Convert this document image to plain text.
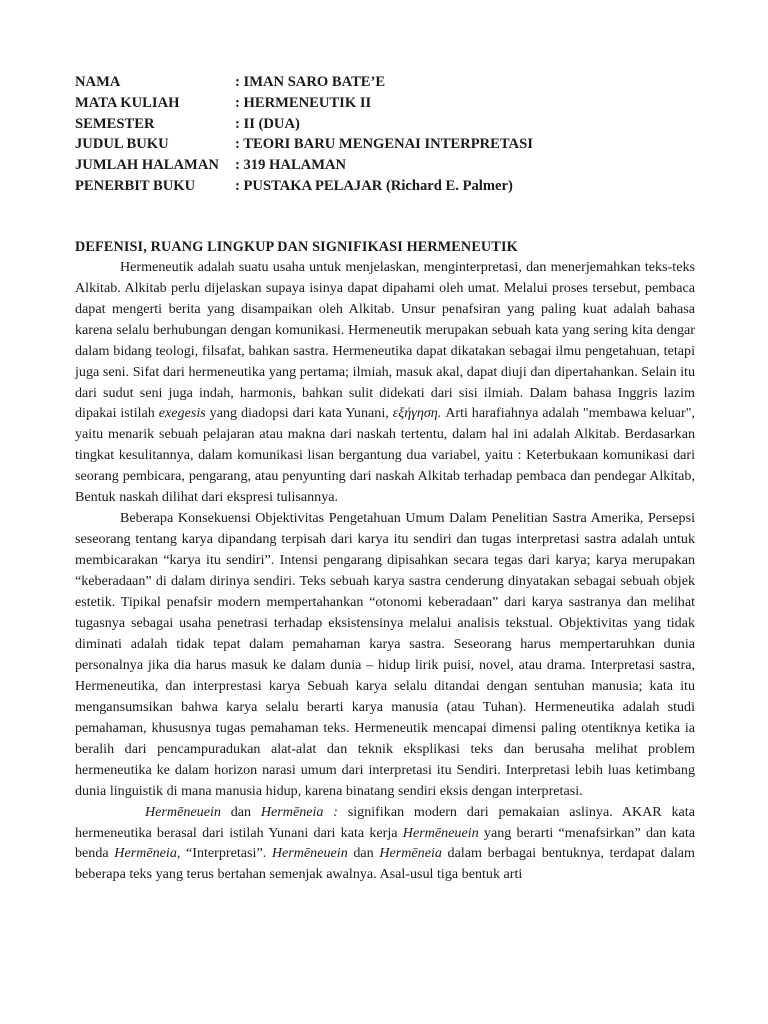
NAMA	: IMAN SARO BATE’E
MATA KULIAH	: HERMENEUTIK II
SEMESTER	: II (DUA)
JUDUL BUKU	: TEORI BARU MENGENAI INTERPRETASI
JUMLAH HALAMAN	: 319 HALAMAN
PENERBIT BUKU	: PUSTAKA PELAJAR (Richard E. Palmer)
DEFENISI, RUANG LINGKUP DAN SIGNIFIKASI HERMENEUTIK

Hermeneutik adalah suatu usaha untuk menjelaskan, menginterpretasi, dan menerjemahkan teks-teks Alkitab. Alkitab perlu dijelaskan supaya isinya dapat dipahami oleh umat. Melalui proses tersebut, pembaca dapat mengerti berita yang disampaikan oleh Alkitab. Unsur penafsiran yang paling kuat adalah bahasa karena selalu berhubungan dengan komunikasi. Hermeneutik merupakan sebuah kata yang sering kita dengar dalam bidang teologi, filsafat, bahkan sastra. Hermeneutika dapat dikatakan sebagai ilmu pengetahuan, tetapi juga seni. Sifat dari hermeneutika yang pertama; ilmiah, masuk akal, dapat diuji dan dipertahankan. Selain itu dari sudut seni juga indah, harmonis, bahkan sulit didekati dari sisi ilmiah. Dalam bahasa Inggris lazim dipakai istilah exegesis yang diadopsi dari kata Yunani, εξήγηση. Arti harafiahnya adalah "membawa keluar", yaitu menarik sebuah pelajaran atau makna dari naskah tertentu, dalam hal ini adalah Alkitab. Berdasarkan tingkat kesulitannya, dalam komunikasi lisan bergantung dua variabel, yaitu : Keterbukaan komunikasi dari seorang pembicara, pengarang, atau penyunting dari naskah Alkitab terhadap pembaca dan pendegar Alkitab, Bentuk naskah dilihat dari ekspresi tulisannya.

Beberapa Konsekuensi Objektivitas Pengetahuan Umum Dalam Penelitian Sastra Amerika, Persepsi seseorang tentang karya dipandang terpisah dari karya itu sendiri dan tugas interpretasi sastra adalah untuk membicarakan “karya itu sendiri”. Intensi pengarang dipisahkan secara tegas dari karya; karya merupakan “keberadaan” di dalam dirinya sendiri. Teks sebuah karya sastra cenderung dinyatakan sebagai sebuah objek estetik. Tipikal penafsir modern mempertahankan “otonomi keberadaan” dari karya sastranya dan melihat tugasnya sebagai usaha penetrasi terhadap eksistensinya melalui analisis tekstual. Objektivitas yang tidak diminati adalah tidak tepat dalam pemahaman karya sastra. Seseorang harus mempertaruhkan dunia personalnya jika dia harus masuk ke dalam dunia – hidup lirik puisi, novel, atau drama. Interpretasi sastra, Hermeneutika, dan interprestasi karya Sebuah karya selalu ditandai dengan sentuhan manusia; kata itu mengansumsikan bahwa karya selalu berarti karya manusia (atau Tuhan). Hermeneutika adalah studi pemahaman, khususnya tugas pemahaman teks. Hermeneutik mencapai dimensi paling otentiknya ketika ia beralih dari pencampuradukan alat-alat dan teknik eksplikasi teks dan berusaha melihat problem hermeneutika ke dalam horizon narasi umum dari interpretasi itu Sendiri. Interpretasi lebih luas ketimbang dunia linguistik di mana manusia hidup, karena binatang sendiri eksis dengan interpretasi.

Hermēneuein dan Hermēneia : signifikan modern dari pemakaian aslinya. AKAR kata hermeneutika berasal dari istilah Yunani dari kata kerja Hermēneuein yang berarti “menafsirkan” dan kata benda Hermēneia, “Interpretasi”. Hermēneuein dan Hermēneia dalam berbagai bentuknya, terdapat dalam beberapa teks yang terus bertahan semenjak awalnya. Asal-usul tiga bentuk arti
